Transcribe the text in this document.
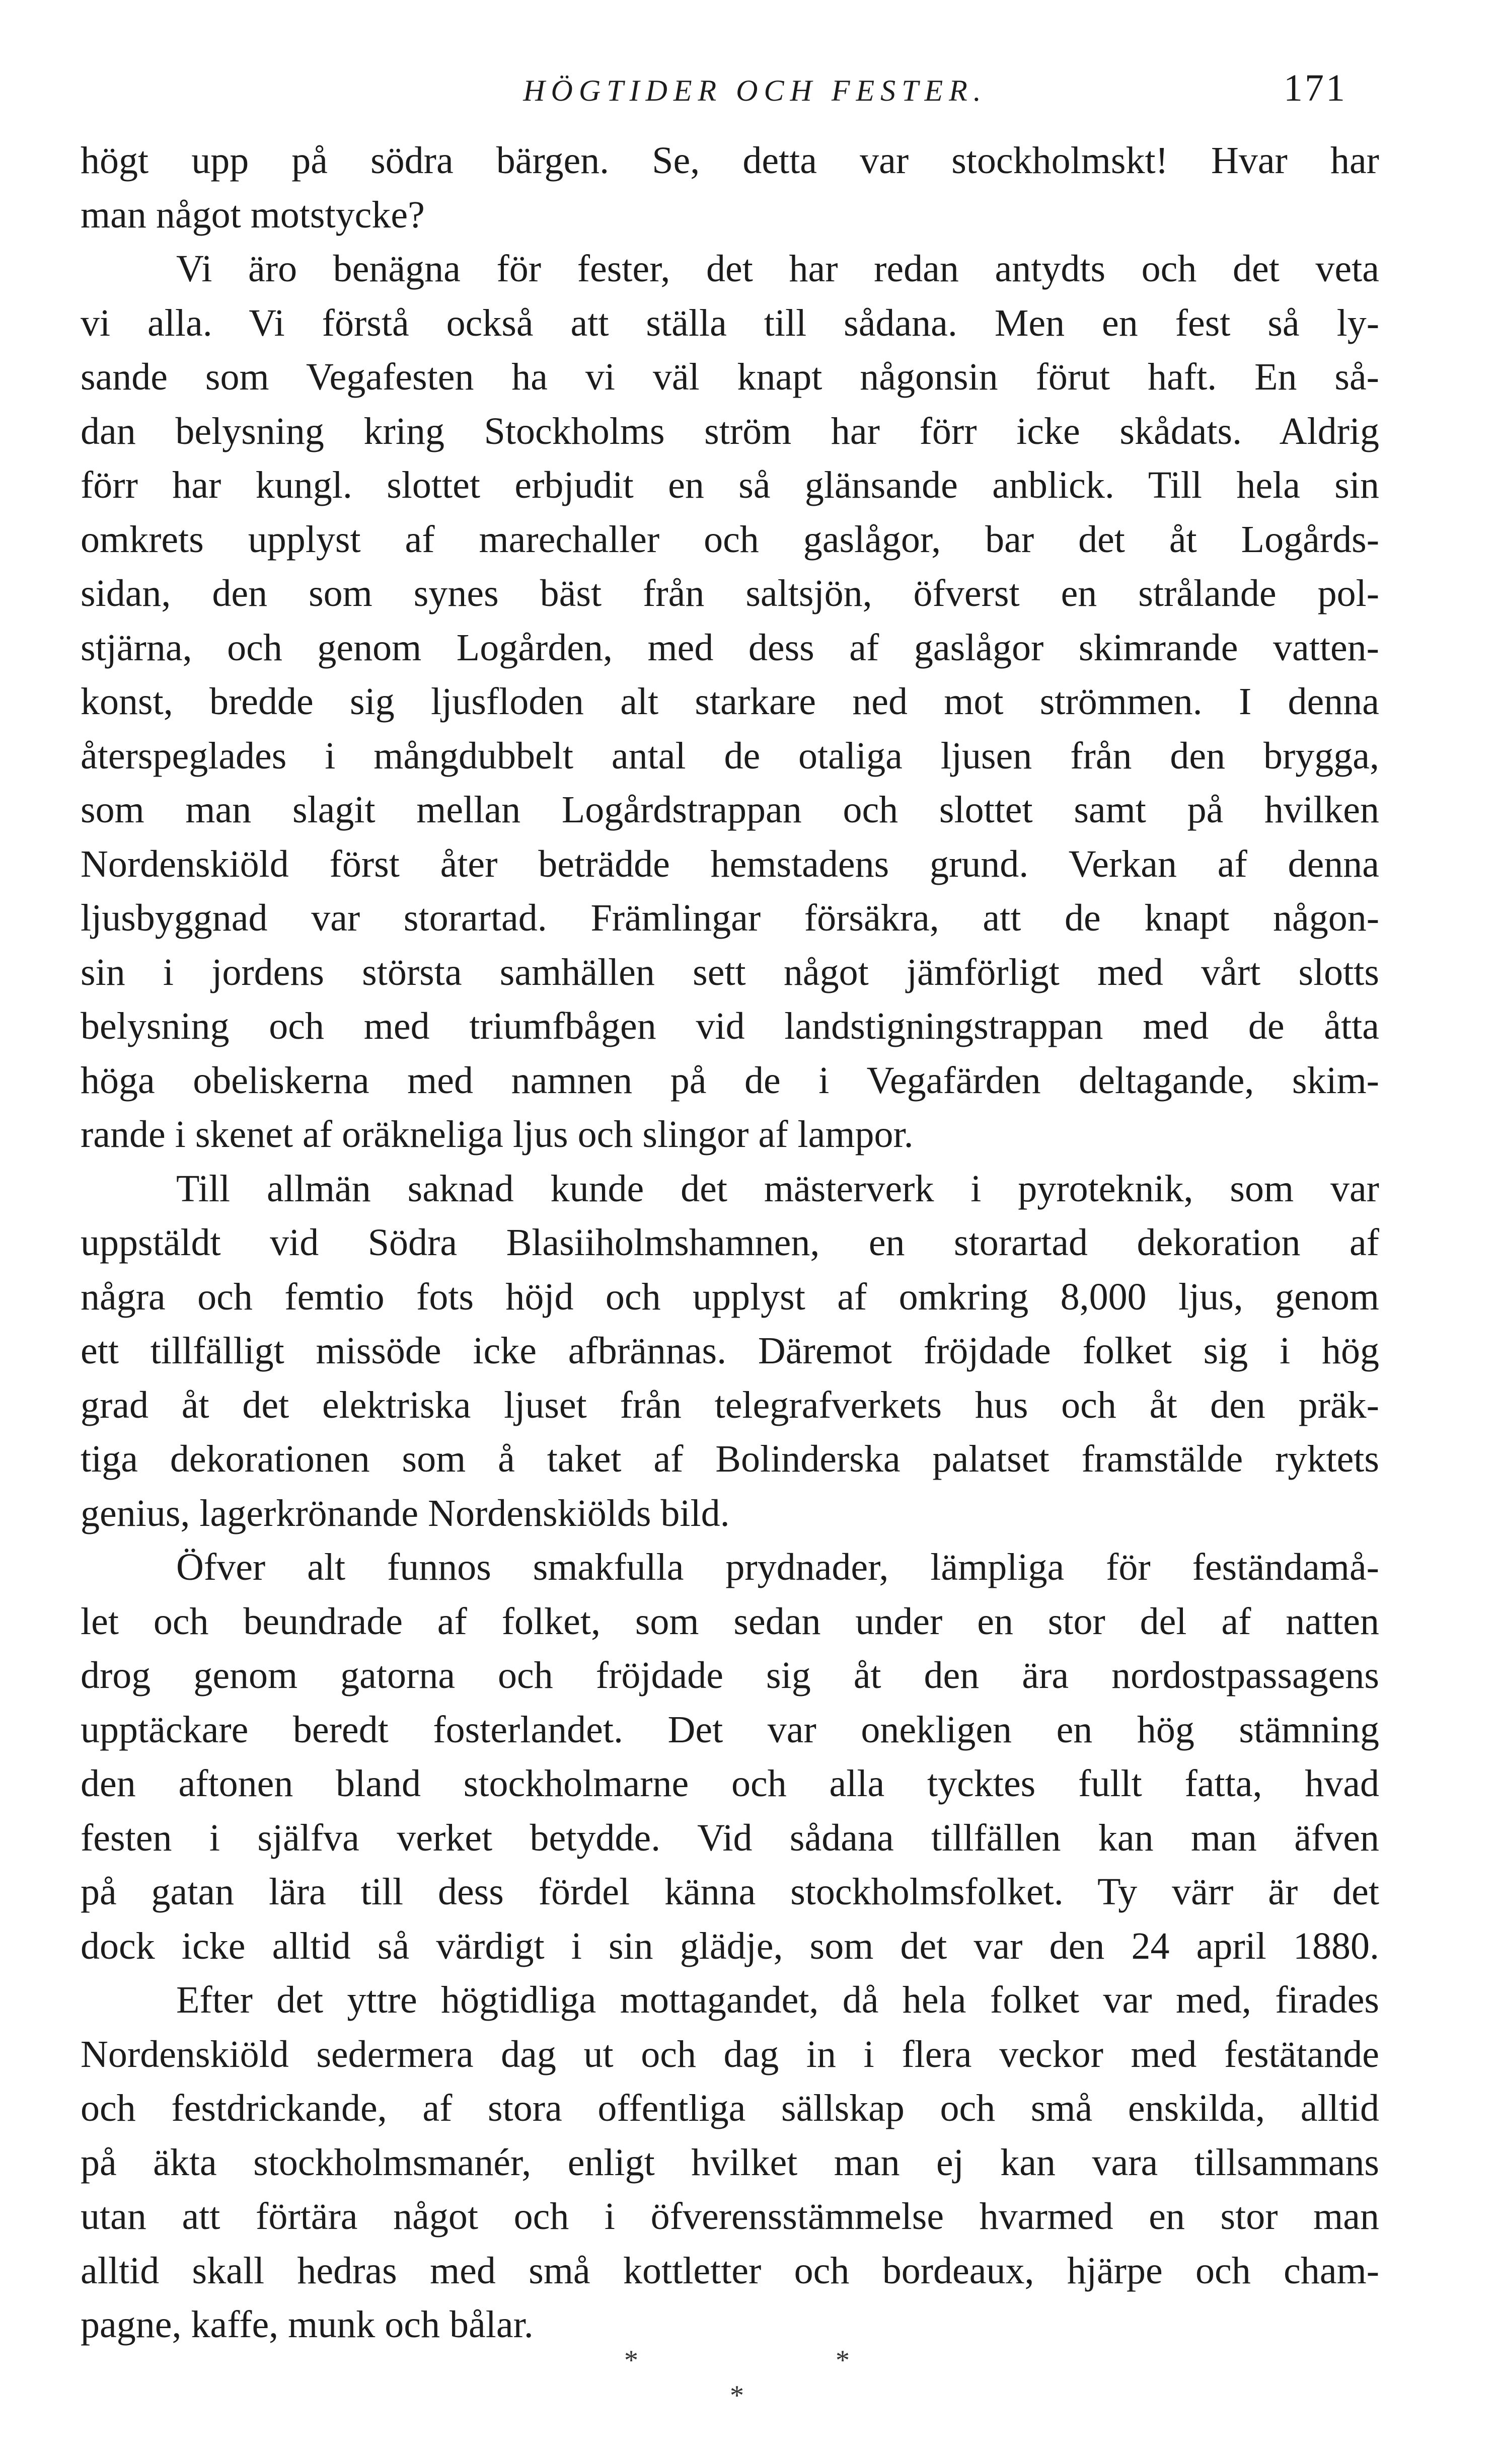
HÖGTIDER OCH FESTER.	171
högt upp på södra bärgen. Se, detta var stockholmskt! Hvar har
man något motstycke?
Vi äro benägna för fester, det har redan antydts och det veta
vi alla. Vi förstå också att ställa till sådana. Men en fest så ly-
sande som Vegafesten ha vi väl knapt någonsin förut haft. En så-
dan belysning kring Stockholms ström har förr icke skådats. Aldrig
förr har kungl. slottet erbjudit en så glänsande anblick. Till hela sin
omkrets upplyst af marechaller och gaslågor, bar det åt Logårds-
sidan, den som synes bäst från saltsjön, öfverst en strålande pol-
stjärna, och genom Logården, med dess af gaslågor skimrande vatten-
konst, bredde sig ljusfloden alt starkare ned mot strömmen. I denna
återspeglades i mångdubbelt antal de otaliga ljusen från den brygga,
som man slagit mellan Logårdstrappan och slottet samt på hvilken
Nordenskiöld först åter beträdde hemstadens grund. Verkan af denna
ljusbyggnad var storartad. Främlingar försäkra, att de knapt någon-
sin i jordens största samhällen sett något jämförligt med vårt slotts
belysning och med triumfbågen vid landstigningstrappan med de åtta
höga obeliskerna med namnen på de i Vegafärden deltagande, skim-
rande i skenet af oräkneliga ljus och slingor af lampor.
Till allmän saknad kunde det mästerverk i pyroteknik, som var
uppstäldt vid Södra Blasiiholmshamnen, en storartad dekoration af
några och femtio fots höjd och upplyst af omkring 8,000 ljus, genom
ett tillfälligt missöde icke afbrännas. Däremot fröjdade folket sig i hög
grad åt det elektriska ljuset från telegrafverkets hus och åt den präk-
tiga dekorationen som å taket af Bolinderska palatset framstälde ryktets
genius, lagerkrönande Nordenskiölds bild.
Öfver alt funnos smakfulla prydnader, lämpliga för feständamå-
let och beundrade af folket, som sedan under en stor del af natten
drog genom gatorna och fröjdade sig åt den ära nordostpassagens
upptäckare beredt fosterlandet. Det var onekligen en hög stämning
den aftonen bland stockholmarne och alla tycktes fullt fatta, hvad
festen i själfva verket betydde. Vid sådana tillfällen kan man äfven
på gatan lära till dess fördel känna stockholmsfolket. Ty värr är det
dock icke alltid så värdigt i sin glädje, som det var den 24 april 1880.
Efter det yttre högtidliga mottagandet, då hela folket var med, firades
Nordenskiöld sedermera dag ut och dag in i flera veckor med festätande
och festdrickande, af stora offentliga sällskap och små enskilda, alltid
på äkta stockholmsmanér, enligt hvilket man ej kan vara tillsammans
utan att förtära något och i öfverensstämmelse hvarmed en stor man
alltid skall hedras med små kottletter och bordeaux, hjärpe och cham-
pagne, kaffe, munk och bålar.
*	*
*
